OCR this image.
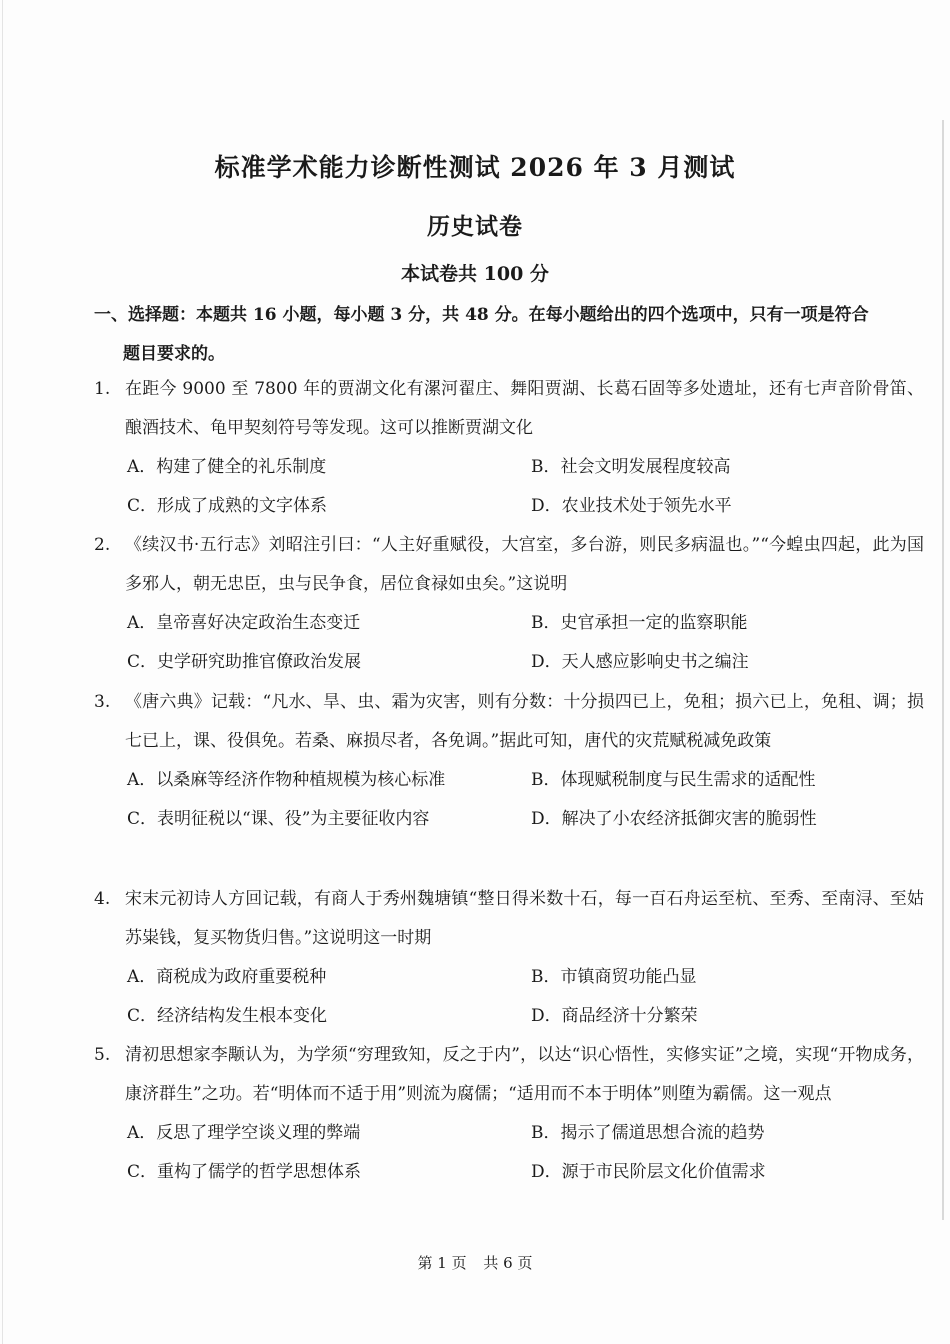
标准学术能力诊断性测试 2026 年 3 月测试
历史试卷
本试卷共 100 分
一、选择题：本题共 16 小题，每小题 3 分，共 48 分。在每小题给出的四个选项中，只有一项是符合
题目要求的。
1. 在距今 9000 至 7800 年的贾湖文化有漯河翟庄、舞阳贾湖、长葛石固等多处遗址，还有七声音阶骨笛、酿酒技术、龟甲契刻符号等发现。这可以推断贾湖文化
A．构建了健全的礼乐制度	B．社会文明发展程度较高
C．形成了成熟的文字体系	D．农业技术处于领先水平
2. 《续汉书·五行志》刘昭注引曰：“人主好重赋役，大宫室，多台游，则民多病温也。”“今蝗虫四起，此为国多邪人，朝无忠臣，虫与民争食，居位食禄如虫矣。”这说明
A．皇帝喜好决定政治生态变迁	B．史官承担一定的监察职能
C．史学研究助推官僚政治发展	D．天人感应影响史书之编注
3. 《唐六典》记载：“凡水、旱、虫、霜为灾害，则有分数：十分损四已上，免租；损六已上，免租、调；损七已上，课、役俱免。若桑、麻损尽者，各免调。”据此可知，唐代的灾荒赋税减免政策
A．以桑麻等经济作物种植规模为核心标准	B．体现赋税制度与民生需求的适配性
C．表明征税以“课、役”为主要征收内容	D．解决了小农经济抵御灾害的脆弱性
4. 宋末元初诗人方回记载，有商人于秀州魏塘镇“整日得米数十石，每一百石舟运至杭、至秀、至南浔、至姑苏粜钱，复买物货归售。”这说明这一时期
A．商税成为政府重要税种	B．市镇商贸功能凸显
C．经济结构发生根本变化	D．商品经济十分繁荣
5. 清初思想家李颙认为，为学须“穷理致知，反之于内”，以达“识心悟性，实修实证”之境，实现“开物成务，康济群生”之功。若“明体而不适于用”则流为腐儒；“适用而不本于明体”则堕为霸儒。这一观点
A．反思了理学空谈义理的弊端	B．揭示了儒道思想合流的趋势
C．重构了儒学的哲学思想体系	D．源于市民阶层文化价值需求
第 1 页 共 6 页
